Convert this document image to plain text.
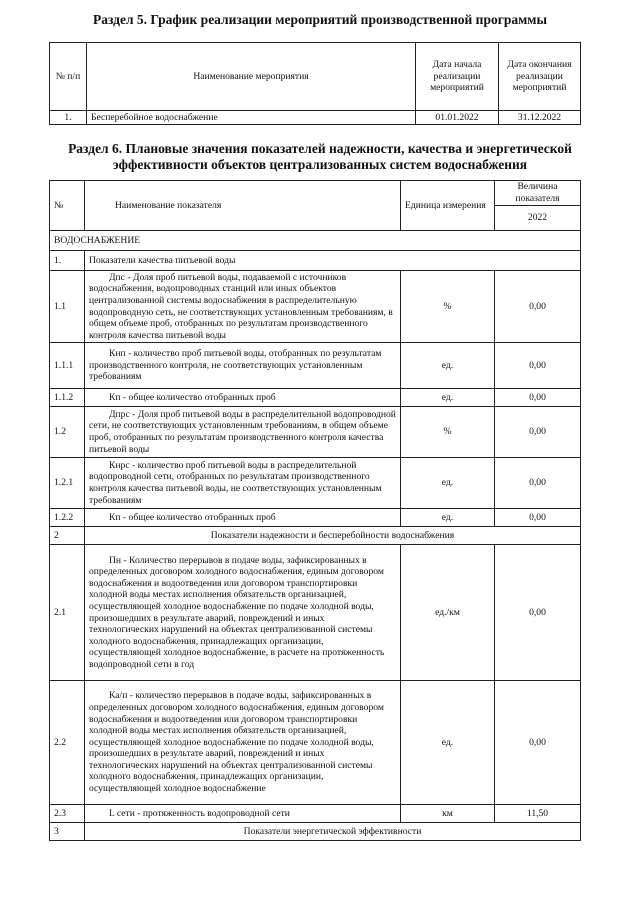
Раздел 5. График реализации мероприятий производственной программы
№ п/п	Наименование мероприятия	Дата начала реализации мероприятий	Дата окончания реализации мероприятий
1.	Бесперебойное водоснабжение	01.01.2022	31.12.2022
Раздел 6. Плановые значения показателей надежности, качества и энергетической
эффективности объектов централизованных систем водоснабжения
№	Наименование показателя	Единица измерения	Величина показателя
			2022
ВОДОСНАБЖЕНИЕ			
1.	Показатели качества питьевой воды		
1.1	Дпс - Доля проб питьевой воды, подаваемой с источников водоснабжения, водопроводных станций или иных объектов централизованной системы водоснабжения в распределительную водопроводную сеть, не соответствующих установленным требованиям, в общем объеме проб, отобранных по результатам производственного контроля качества питьевой воды	%	0,00
1.1.1	Кнп - количество проб питьевой воды, отобранных по результатам производственного контроля, не соответствующих установленным требованиям	ед.	0,00
1.1.2	Кп - общее количество отобранных проб	ед.	0,00
1.2	Дпрс - Доля проб питьевой воды в распределительной водопроводной сети, не соответствующих установленным требованиям, в общем объеме проб, отобранных по результатам производственного контроля качества питьевой воды	%	0,00
1.2.1	Кнрс - количество проб питьевой воды в распределительной водопроводной сети, отобранных по результатам производственного контроля качества питьевой воды, не соответствующих установленным требованиям	ед.	0,00
1.2.2	Кп - общее количество отобранных проб	ед.	0,00
2	Показатели надежности и бесперебойности водоснабжения		
2.1	Пн - Количество перерывов в подаче воды, зафиксированных в определенных договором холодного водоснабжения, единым договором водоснабжения и водоотведения или договором транспортировки холодной воды местах исполнения обязательств организацией, осуществляющей холодное водоснабжение по подаче холодной воды, произошедших в результате аварий, повреждений и иных технологических нарушений на объектах централизованной системы холодного водоснабжения, принадлежащих организации, осуществляющей холодное водоснабжение, в расчете на протяженность водопроводной сети в год	ед./км	0,00
2.2	Ка/п - количество перерывов в подаче воды, зафиксированных в определенных договором холодного водоснабжения, единым договором водоснабжения и водоотведения или договором транспортировки холодной воды местах исполнения обязательств организацией, осуществляющей холодное водоснабжение по подаче холодной воды, произошедших в результате аварий, повреждений и иных технологических нарушений на объектах централизованной системы холодного водоснабжения, принадлежащих организации, осуществляющей холодное водоснабжение	ед.	0,00
2.3	L сети - протяженность водопроводной сети	км	11,50
3	Показатели энергетической эффективности		
